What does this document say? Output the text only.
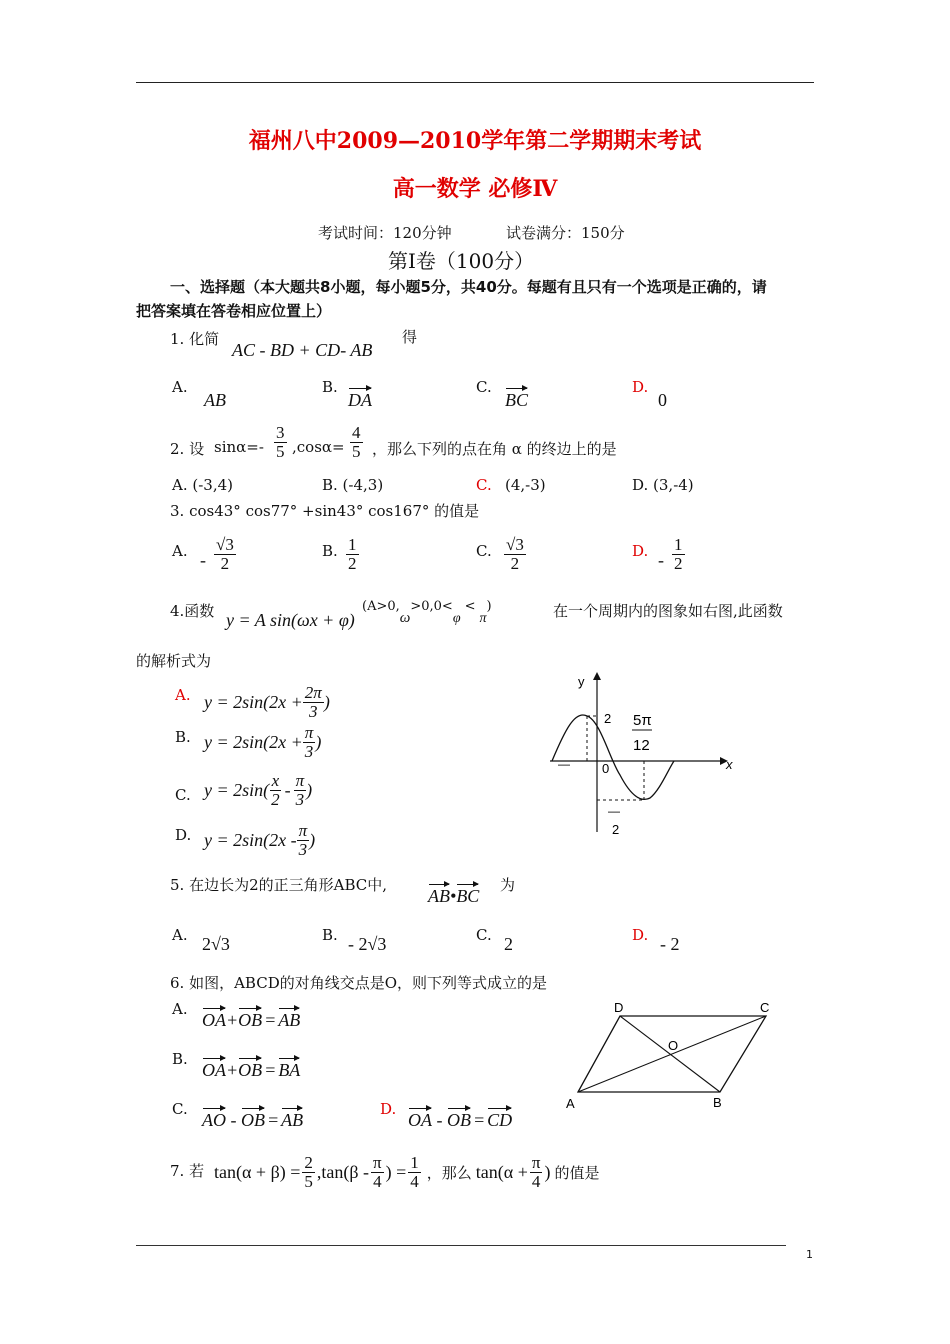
福州八中2009—2010学年第二学期期末考试
高一数学 必修Ⅳ
考试时间：120分钟	试卷满分：150分
第Ⅰ卷（100分）
一、选择题（本大题共8小题，每小题5分，共40分。每题有且只有一个选项是正确的，请
把答案填在答卷相应位置上）
1. 化简
AC - BD + CD- AB
得
A.
AB
B.
DA
C.
BC
D.
0
2. 设 $\sin\alpha=- \frac{3}{5} ,\cos\alpha= \frac{4}{5}$ ，那么下列的点在角 α 的终边上的是
A. (-3,4)	B. (-4,3)	C. (4,-3)	D. (3,-4)
3. cos43° cos77° +sin43° cos167° 的值是
A. - $\frac{√3}{2}$	B. $\frac{1}{2}$	C. $\frac{√3}{2}$	D. - $\frac{1}{2}$
4.函数 y = A sin(ωx + φ)
(A>0,ω>0,0<φ<π)	在一个周期内的图象如右图,此函数
的解析式为
A. $y = 2\sin(2x + \frac{2\pi}{3}$ )
B. $y = 2\sin(2x + \frac{\pi}{3}$ )
C. $y = 2\sin( \frac{x}{2} - \frac{\pi}{3}$ )
D. $y = 2\sin(2x - \frac{\pi}{3}$ )
y
x
0
2
—
—
2
5π
12
5. 在边长为2的正三角形ABC中,
AB•BC
为
A. 2√3	B. - 2√3	C. 2	D. - 2
6. 如图，ABCD的对角线交点是O，则下列等式成立的是
A.
OA+OB = AB
B.
OA+OB = BA
C.
AO - OB = AB
D.
OA - OB = CD
A	B
C
D
O
7. 若 $\tan(\alpha + \beta) = \frac{2}{5} ,\tan(\beta - \frac{\pi}{4}$ ) = $\frac{1}{4}$ ，那么 $\tan(\alpha + \frac{\pi}{4}$ ) 的值是
1
